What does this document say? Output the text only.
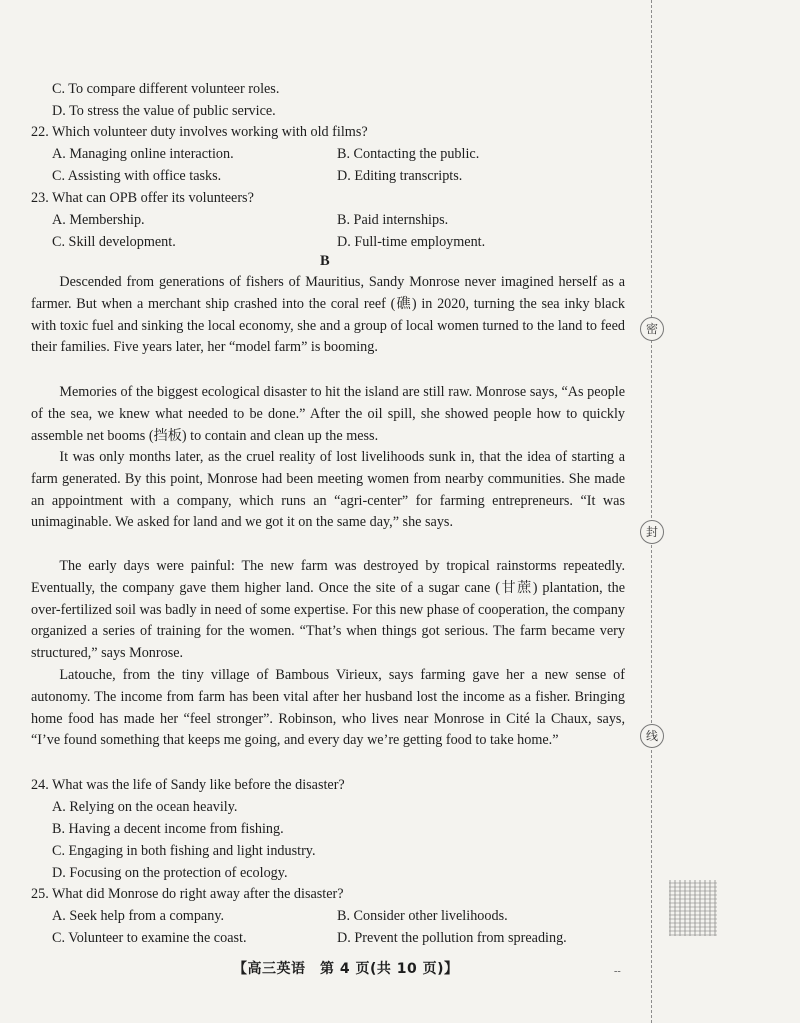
密
封
线
C. To compare different volunteer roles.
D. To stress the value of public service.
22. Which volunteer duty involves working with old films?
A. Managing online interaction.	B. Contacting the public.
C. Assisting with office tasks.	D. Editing transcripts.
23. What can OPB offer its volunteers?
A. Membership.	B. Paid internships.
C. Skill development.	D. Full-time employment.
B

Descended from generations of fishers of Mauritius, Sandy Monrose never imagined herself as a farmer. But when a merchant ship crashed into the coral reef (礁) in 2020, turning the sea inky black with toxic fuel and sinking the local economy, she and a group of local women turned to the land to feed their families. Five years later, her “model farm” is booming.

Memories of the biggest ecological disaster to hit the island are still raw. Monrose says, “As people of the sea, we knew what needed to be done.” After the oil spill, she showed people how to quickly assemble net booms (挡板) to contain and clean up the mess.

It was only months later, as the cruel reality of lost livelihoods sunk in, that the idea of starting a farm generated. By this point, Monrose had been meeting women from nearby communities. She made an appointment with a company, which runs an “agri-center” for farming entrepreneurs. “It was unimaginable. We asked for land and we got it on the same day,” she says.

The early days were painful: The new farm was destroyed by tropical rainstorms repeatedly. Eventually, the company gave them higher land. Once the site of a sugar cane (甘蔗) plantation, the over-fertilized soil was badly in need of some expertise. For this new phase of cooperation, the company organized a series of training for the women. “That’s when things got serious. The farm became very structured,” says Monrose.

Latouche, from the tiny village of Bambous Virieux, says farming gave her a new sense of autonomy. The income from farm has been vital after her husband lost the income as a fisher. Bringing home food has made her “feel stronger”. Robinson, who lives near Monrose in Cité la Chaux, says, “I’ve found something that keeps me going, and every day we’re getting food to take home.”

24. What was the life of Sandy like before the disaster?
A. Relying on the ocean heavily.
B. Having a decent income from fishing.
C. Engaging in both fishing and light industry.
D. Focusing on the protection of ecology.
25. What did Monrose do right away after the disaster?
A. Seek help from a company.	B. Consider other livelihoods.
C. Volunteer to examine the coast.	D. Prevent the pollution from spreading.
【高三英语　第 4 页(共 10 页)】	--
